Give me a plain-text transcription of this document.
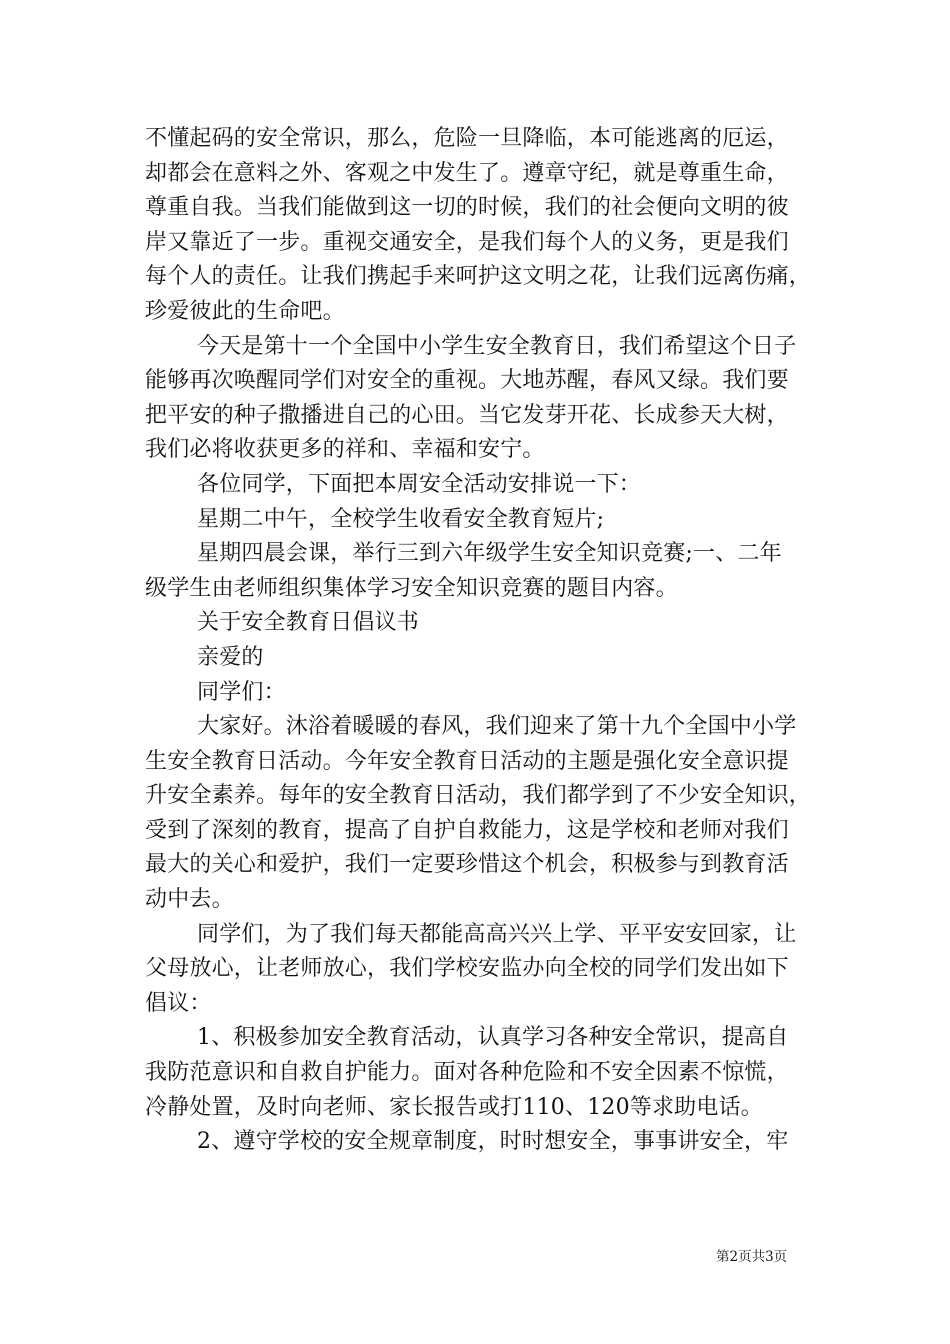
不懂起码的安全常识，那么，危险一旦降临，本可能逃离的厄运，

却都会在意料之外、客观之中发生了。遵章守纪，就是尊重生命，

尊重自我。当我们能做到这一切的时候，我们的社会便向文明的彼

岸又靠近了一步。重视交通安全，是我们每个人的义务，更是我们

每个人的责任。让我们携起手来呵护这文明之花，让我们远离伤痛，

珍爱彼此的生命吧。

今天是第十一个全国中小学生安全教育日，我们希望这个日子

能够再次唤醒同学们对安全的重视。大地苏醒，春风又绿。我们要

把平安的种子撒播进自己的心田。当它发芽开花、长成参天大树，

我们必将收获更多的祥和、幸福和安宁。

各位同学，下面把本周安全活动安排说一下：

星期二中午，全校学生收看安全教育短片;

星期四晨会课，举行三到六年级学生安全知识竞赛;一、二年

级学生由老师组织集体学习安全知识竞赛的题目内容。

关于安全教育日倡议书

亲爱的

同学们：

大家好。沐浴着暖暖的春风，我们迎来了第十九个全国中小学

生安全教育日活动。今年安全教育日活动的主题是强化安全意识提

升安全素养。每年的安全教育日活动，我们都学到了不少安全知识，

受到了深刻的教育，提高了自护自救能力，这是学校和老师对我们

最大的关心和爱护，我们一定要珍惜这个机会，积极参与到教育活

动中去。

同学们，为了我们每天都能高高兴兴上学、平平安安回家，让

父母放心，让老师放心，我们学校安监办向全校的同学们发出如下

倡议：

1、积极参加安全教育活动，认真学习各种安全常识，提高自

我防范意识和自救自护能力。面对各种危险和不安全因素不惊慌，

冷静处置，及时向老师、家长报告或打110、120等求助电话。

2、遵守学校的安全规章制度，时时想安全，事事讲安全，牢

第2页共3页
